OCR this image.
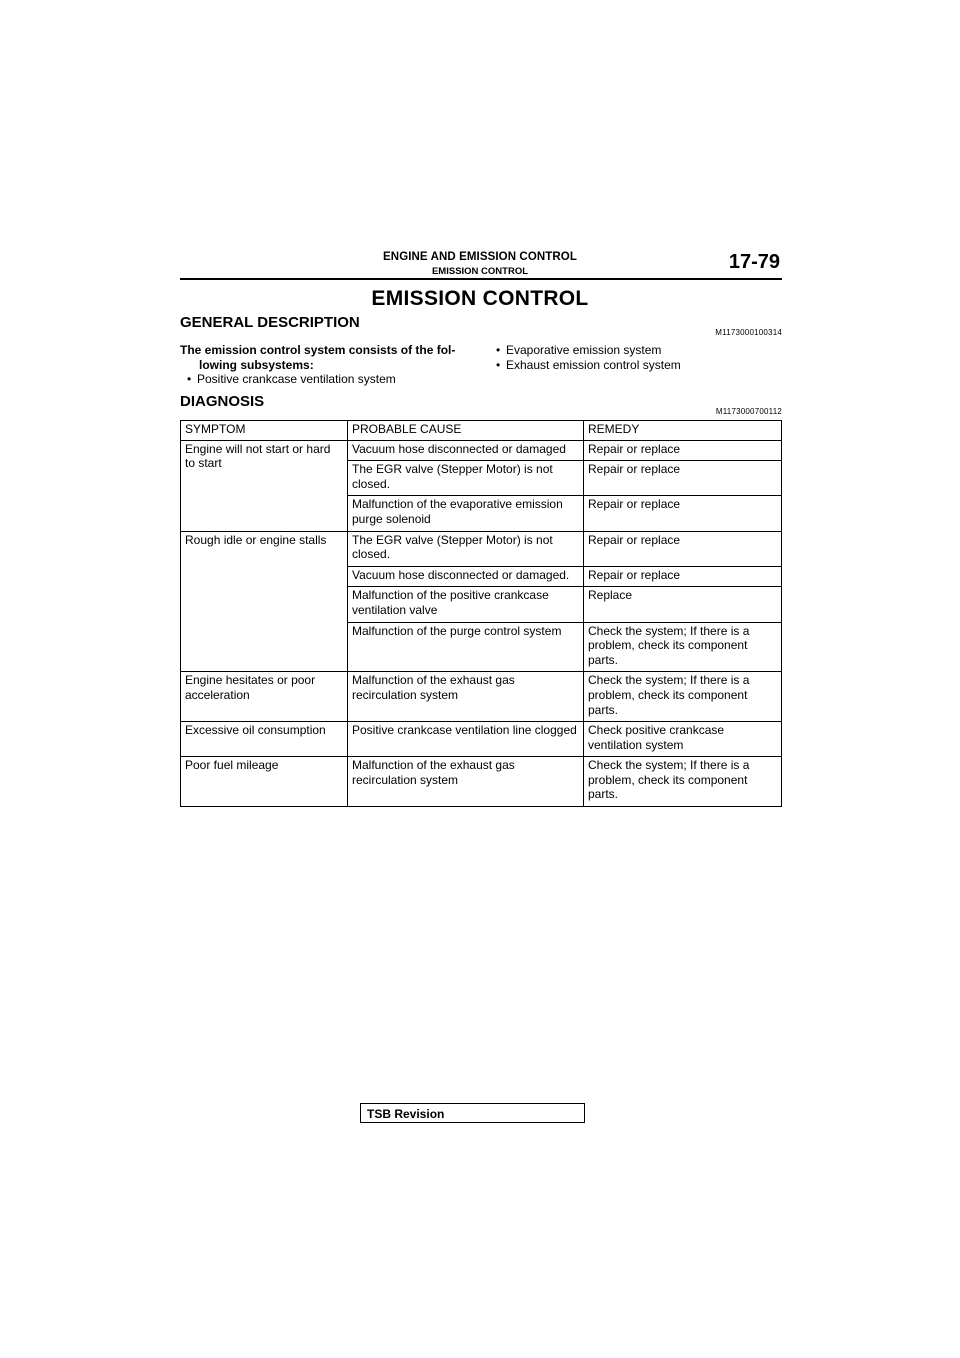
ENGINE AND EMISSION CONTROL
EMISSION CONTROL	17-79
EMISSION CONTROL
GENERAL DESCRIPTION
M1173000100314
The emission control system consists of the fol-
lowing subsystems:
• Positive crankcase ventilation system
• Evaporative emission system
• Exhaust emission control system
DIAGNOSIS
M1173000700112
SYMPTOM	PROBABLE CAUSE	REMEDY
Engine will not start or hard to start	Vacuum hose disconnected or damaged	Repair or replace
	The EGR valve (Stepper Motor) is not closed.	Repair or replace
	Malfunction of the evaporative emission purge solenoid	Repair or replace
Rough idle or engine stalls	The EGR valve (Stepper Motor) is not closed.	Repair or replace
	Vacuum hose disconnected or damaged.	Repair or replace
	Malfunction of the positive crankcase ventilation valve	Replace
	Malfunction of the purge control system	Check the system; If there is a problem, check its component parts.
Engine hesitates or poor acceleration	Malfunction of the exhaust gas recirculation system	Check the system; If there is a problem, check its component parts.
Excessive oil consumption	Positive crankcase ventilation line clogged	Check positive crankcase ventilation system
Poor fuel mileage	Malfunction of the exhaust gas recirculation system	Check the system; If there is a problem, check its component parts.
TSB Revision
